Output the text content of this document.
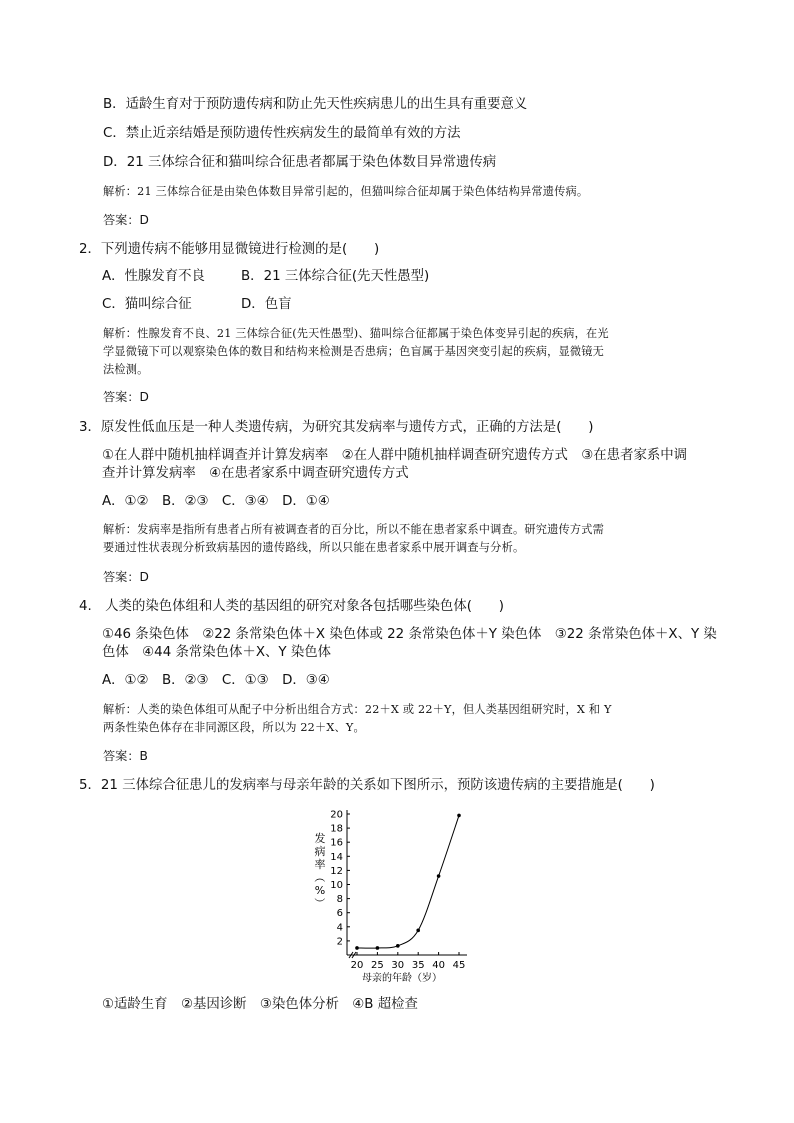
B．适龄生育对于预防遗传病和防止先天性疾病患儿的出生具有重要意义
C．禁止近亲结婚是预防遗传性疾病发生的最简单有效的方法
D．21 三体综合征和猫叫综合征患者都属于染色体数目异常遗传病
解析：21 三体综合征是由染色体数目异常引起的，但猫叫综合征却属于染色体结构异常遗传病。
答案：D
2．下列遗传病不能够用显微镜进行检测的是(　　)
A．性腺发育不良	B．21 三体综合征(先天性愚型)
C．猫叫综合征	D．色盲
解析：性腺发育不良、21 三体综合征(先天性愚型)、猫叫综合征都属于染色体变异引起的疾病，在光
学显微镜下可以观察染色体的数目和结构来检测是否患病；色盲属于基因突变引起的疾病，显微镜无
法检测。
答案：D
3．原发性低血压是一种人类遗传病，为研究其发病率与遗传方式，正确的方法是(　　)
①在人群中随机抽样调查并计算发病率　②在人群中随机抽样调查研究遗传方式　③在患者家系中调
查并计算发病率　④在患者家系中调查研究遗传方式
A．①②　B．②③　C．③④　D．①④
解析：发病率是指所有患者占所有被调查者的百分比，所以不能在患者家系中调查。研究遗传方式需
要通过性状表现分析致病基因的遗传路线，所以只能在患者家系中展开调查与分析。
答案：D
4.　人类的染色体组和人类的基因组的研究对象各包括哪些染色体(　　)
①46 条染色体　②22 条常染色体＋X 染色体或 22 条常染色体＋Y 染色体　③22 条常染色体＋X、Y 染
色体　④44 条常染色体＋X、Y 染色体
A．①②　B．②③　C．①③　D．③④
解析：人类的染色体组可从配子中分析出组合方式：22＋X 或 22＋Y，但人类基因组研究时，X 和 Y
两条性染色体存在非同源区段，所以为 22＋X、Y。
答案：B
5．21 三体综合征患儿的发病率与母亲年龄的关系如下图所示，预防该遗传病的主要措施是(　　)
发
病
率
（
%
）
2
4
6
8
10
12
14
16
18
20
20 25 30 35 40 45
母亲的年龄（岁）
①适龄生育　②基因诊断　③染色体分析　④B 超检查
